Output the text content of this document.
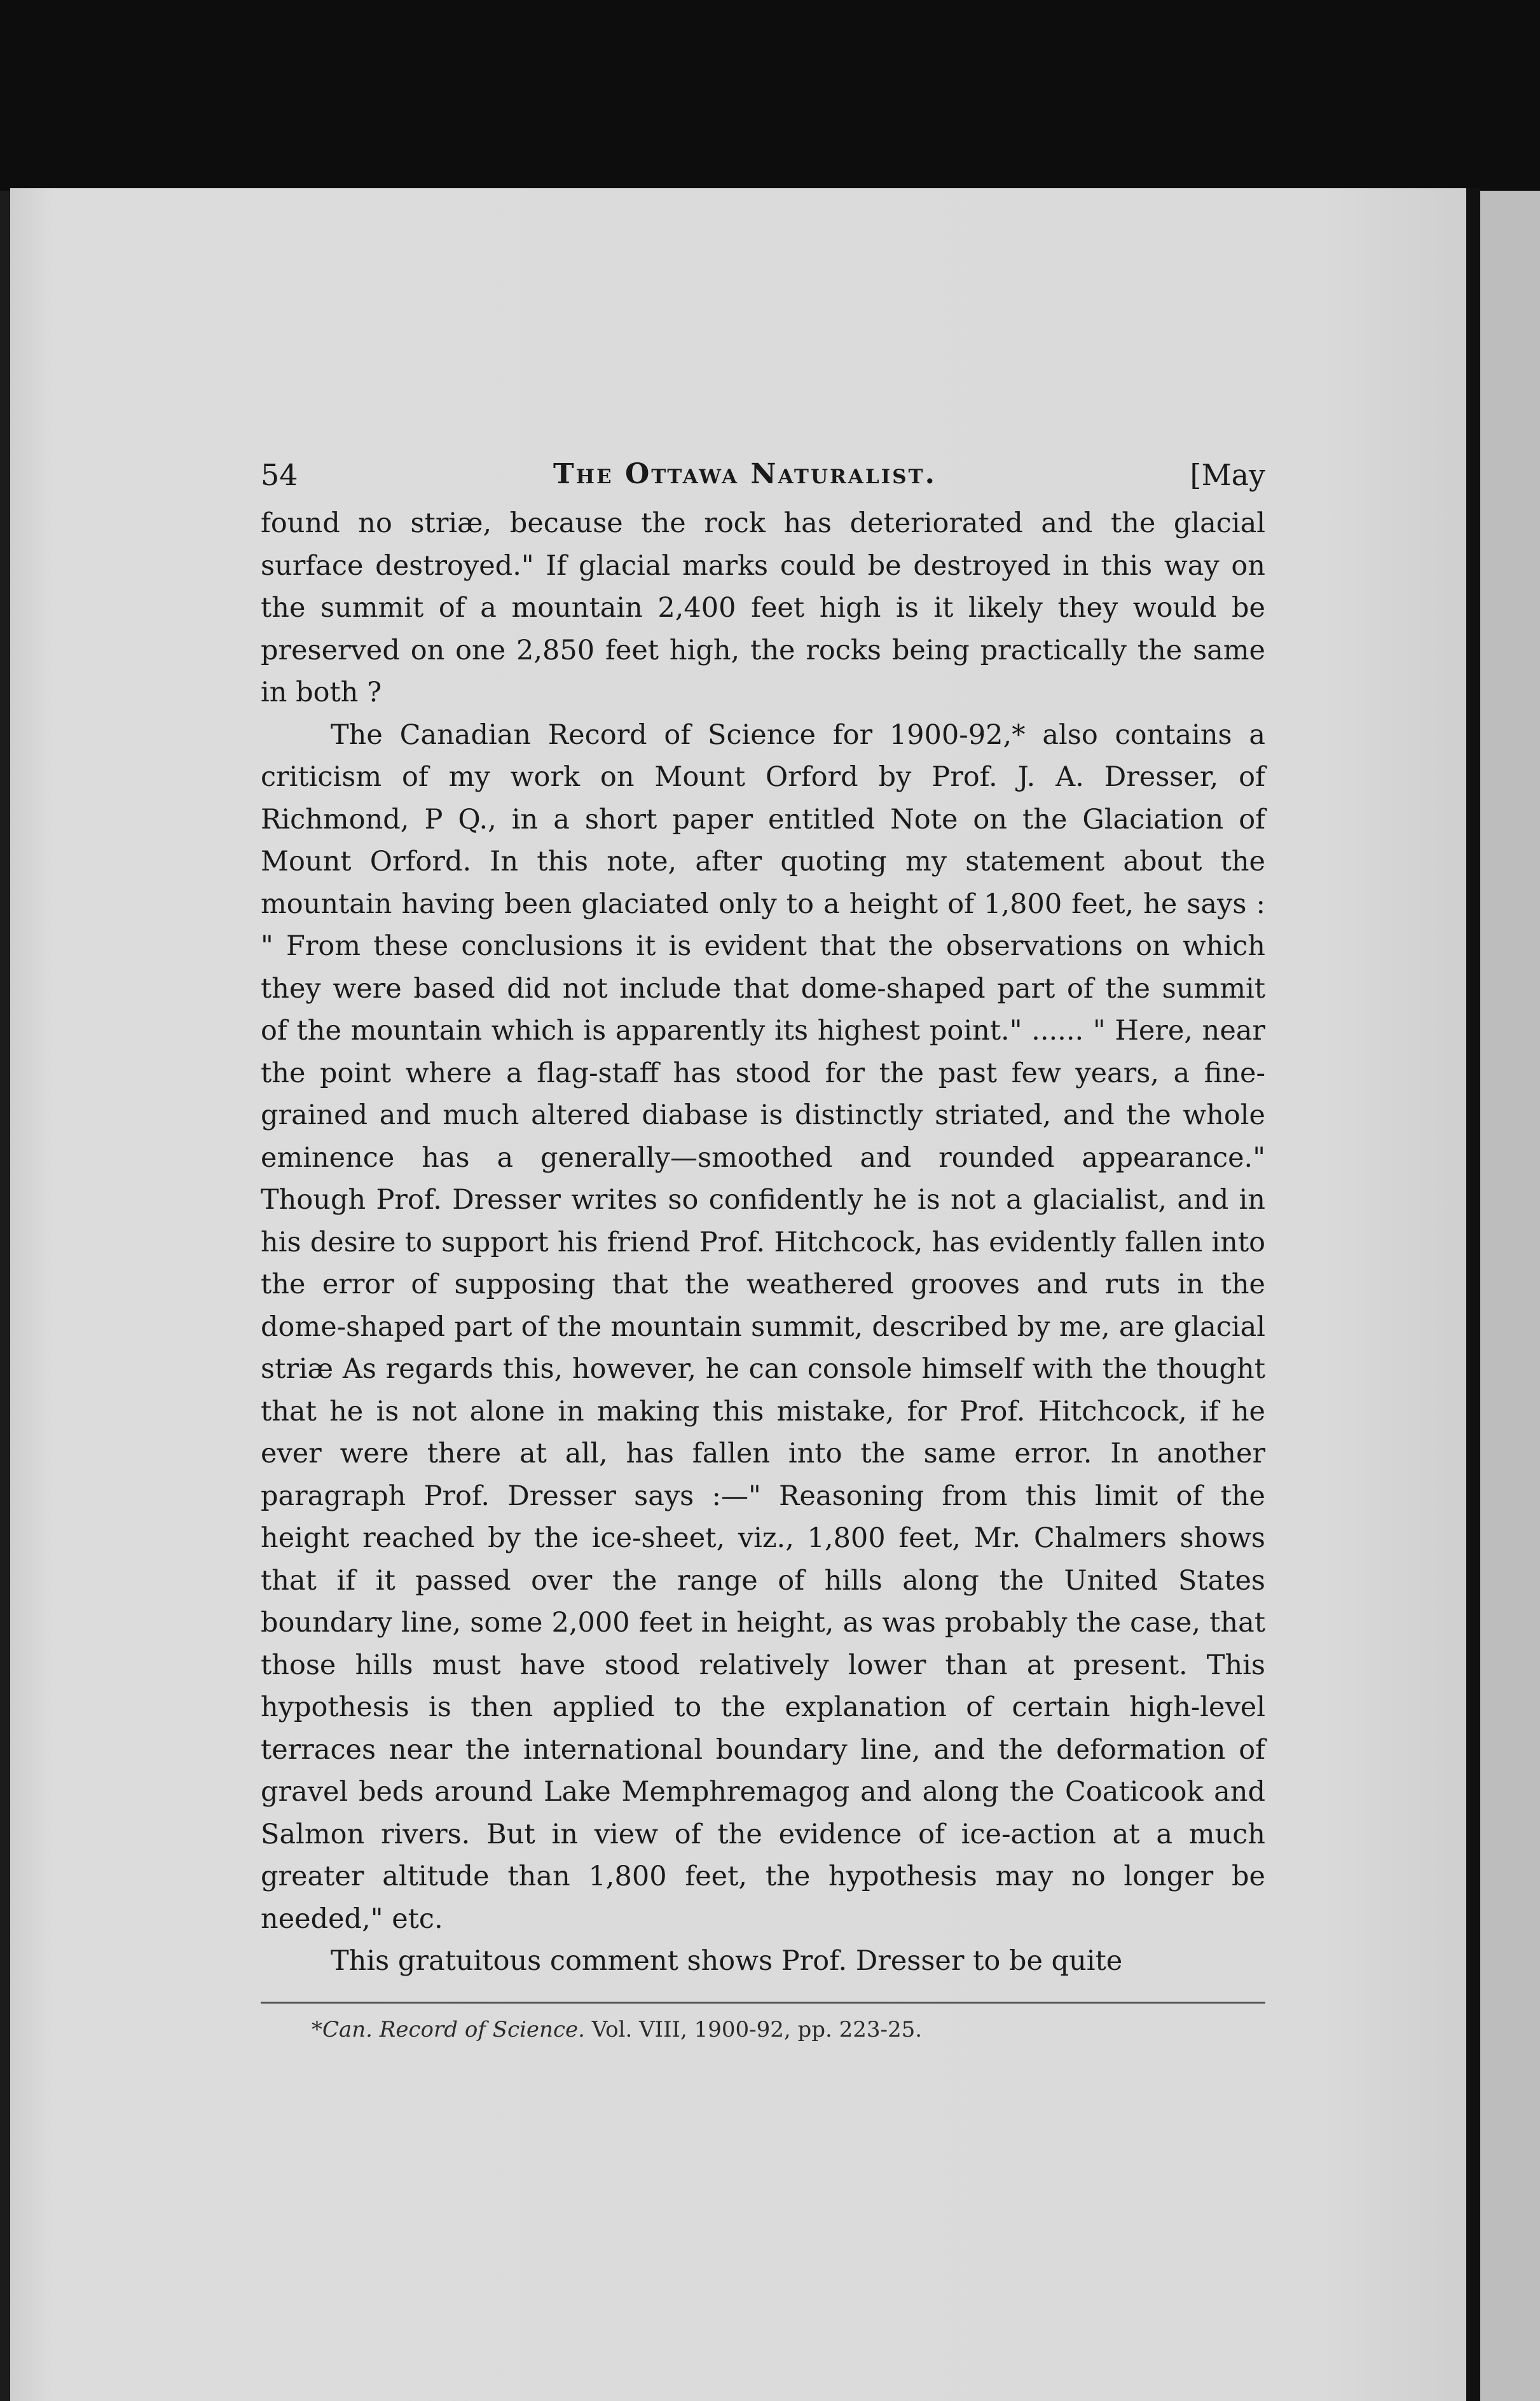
54	The Ottawa Naturalist.	[May

found no striæ, because the rock has deteriorated and the glacial surface destroyed." If glacial marks could be destroyed in this way on the summit of a mountain 2,400 feet high is it likely they would be preserved on one 2,850 feet high, the rocks being practically the same in both ?

The Canadian Record of Science for 1900-92,* also contains a criticism of my work on Mount Orford by Prof. J. A. Dresser, of Richmond, P Q., in a short paper entitled Note on the Glaciation of Mount Orford. In this note, after quoting my statement about the mountain having been glaciated only to a height of 1,800 feet, he says : " From these conclusions it is evident that the observations on which they were based did not include that dome-shaped part of the summit of the mountain which is apparently its highest point." ...... " Here, near the point where a flag-staff has stood for the past few years, a fine-grained and much altered diabase is distinctly striated, and the whole eminence has a generally—smoothed and rounded appearance." Though Prof. Dresser writes so confidently he is not a glacialist, and in his desire to support his friend Prof. Hitchcock, has evidently fallen into the error of supposing that the weathered grooves and ruts in the dome-shaped part of the mountain summit, described by me, are glacial striæ As regards this, however, he can console himself with the thought that he is not alone in making this mistake, for Prof. Hitchcock, if he ever were there at all, has fallen into the same error. In another paragraph Prof. Dresser says :—" Reasoning from this limit of the height reached by the ice-sheet, viz., 1,800 feet, Mr. Chalmers shows that if it passed over the range of hills along the United States boundary line, some 2,000 feet in height, as was probably the case, that those hills must have stood relatively lower than at present. This hypothesis is then applied to the explanation of certain high-level terraces near the international boundary line, and the deformation of gravel beds around Lake Memphremagog and along the Coaticook and Salmon rivers. But in view of the evidence of ice-action at a much greater altitude than 1,800 feet, the hypothesis may no longer be needed," etc.

This gratuitous comment shows Prof. Dresser to be quite

*Can. Record of Science. Vol. VIII, 1900-92, pp. 223-25.
